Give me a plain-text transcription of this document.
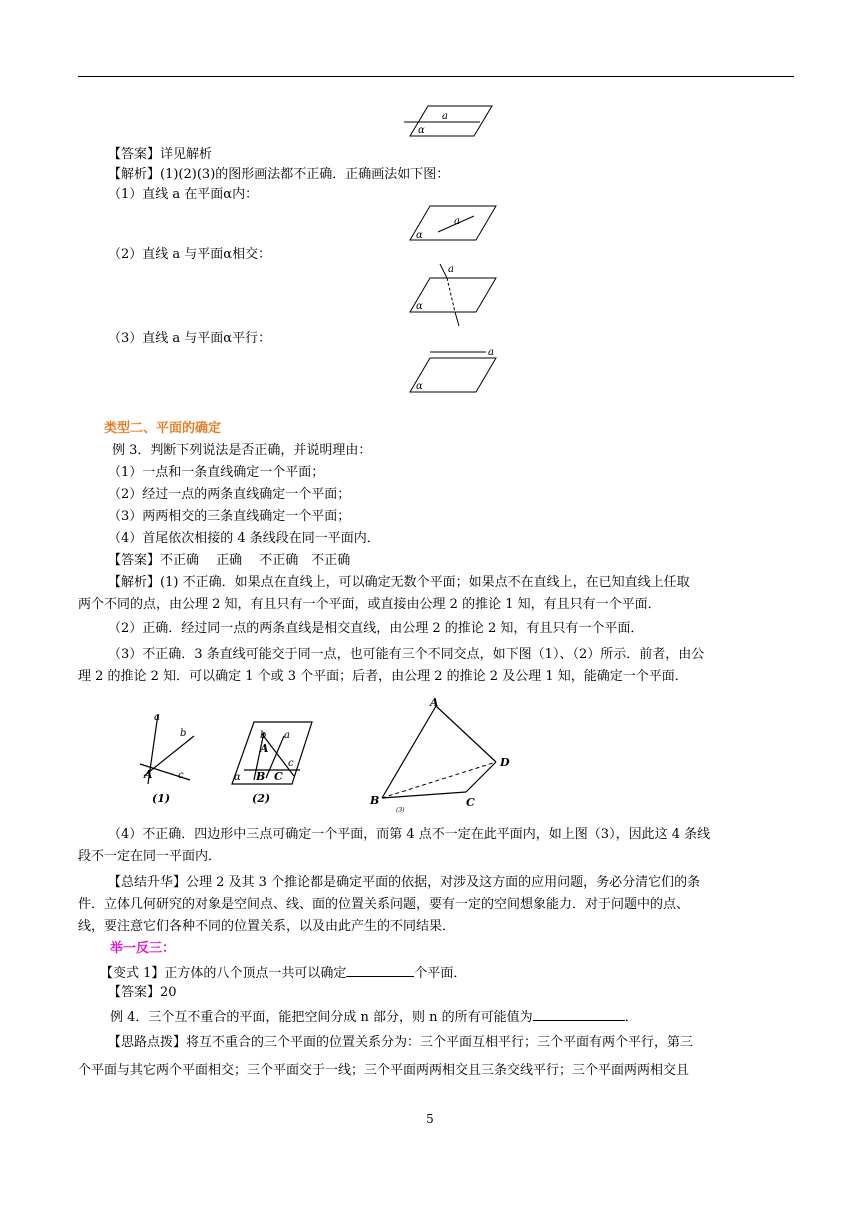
a
α
【答案】详见解析
【解析】(1)(2)(3)的图形画法都不正确．正确画法如下图：
（1）直线 a 在平面α内：
a
α
（2）直线 a 与平面α相交：
a
α
（3）直线 a 与平面α平行：
a
α
类型二、平面的确定
例 3．判断下列说法是否正确，并说明理由：
（1）一点和一条直线确定一个平面；
（2）经过一点的两条直线确定一个平面；
（3）两两相交的三条直线确定一个平面；
（4）首尾依次相接的 4 条线段在同一平面内．
【答案】不正确　 正确　 不正确　不正确
【解析】(1) 不正确．如果点在直线上，可以确定无数个平面；如果点不在直线上，在已知直线上任取
两个不同的点，由公理 2 知，有且只有一个平面，或直接由公理 2 的推论 1 知，有且只有一个平面．
（2）正确．经过同一点的两条直线是相交直线，由公理 2 的推论 2 知，有且只有一个平面．
（3）不正确．3 条直线可能交于同一点，也可能有三个不同交点，如下图（1）、（2）所示．前者，由公
理 2 的推论 2 知．可以确定 1 个或 3 个平面；后者，由公理 2 的推论 2 及公理 1 知，能确定一个平面．
a
b
c
A
(1)
b a
c
A
B C
α
(2)
A
D
B	C
(3)
（4）不正确．四边形中三点可确定一个平面，而第 4 点不一定在此平面内，如上图（3），因此这 4 条线
段不一定在同一平面内．
【总结升华】公理 2 及其 3 个推论都是确定平面的依据，对涉及这方面的应用问题，务必分清它们的条
件．立体几何研究的对象是空间点、线、面的位置关系问题，要有一定的空间想象能力．对于问题中的点、
线，要注意它们各种不同的位置关系，以及由此产生的不同结果．
举一反三：
【变式 1】正方体的八个顶点一共可以确定	个平面．
【答案】20
例 4．三个互不重合的平面，能把空间分成 n 部分，则 n 的所有可能值为	．
【思路点拨】将互不重合的三个平面的位置关系分为：三个平面互相平行；三个平面有两个平行，第三
个平面与其它两个平面相交；三个平面交于一线；三个平面两两相交且三条交线平行；三个平面两两相交且
5
